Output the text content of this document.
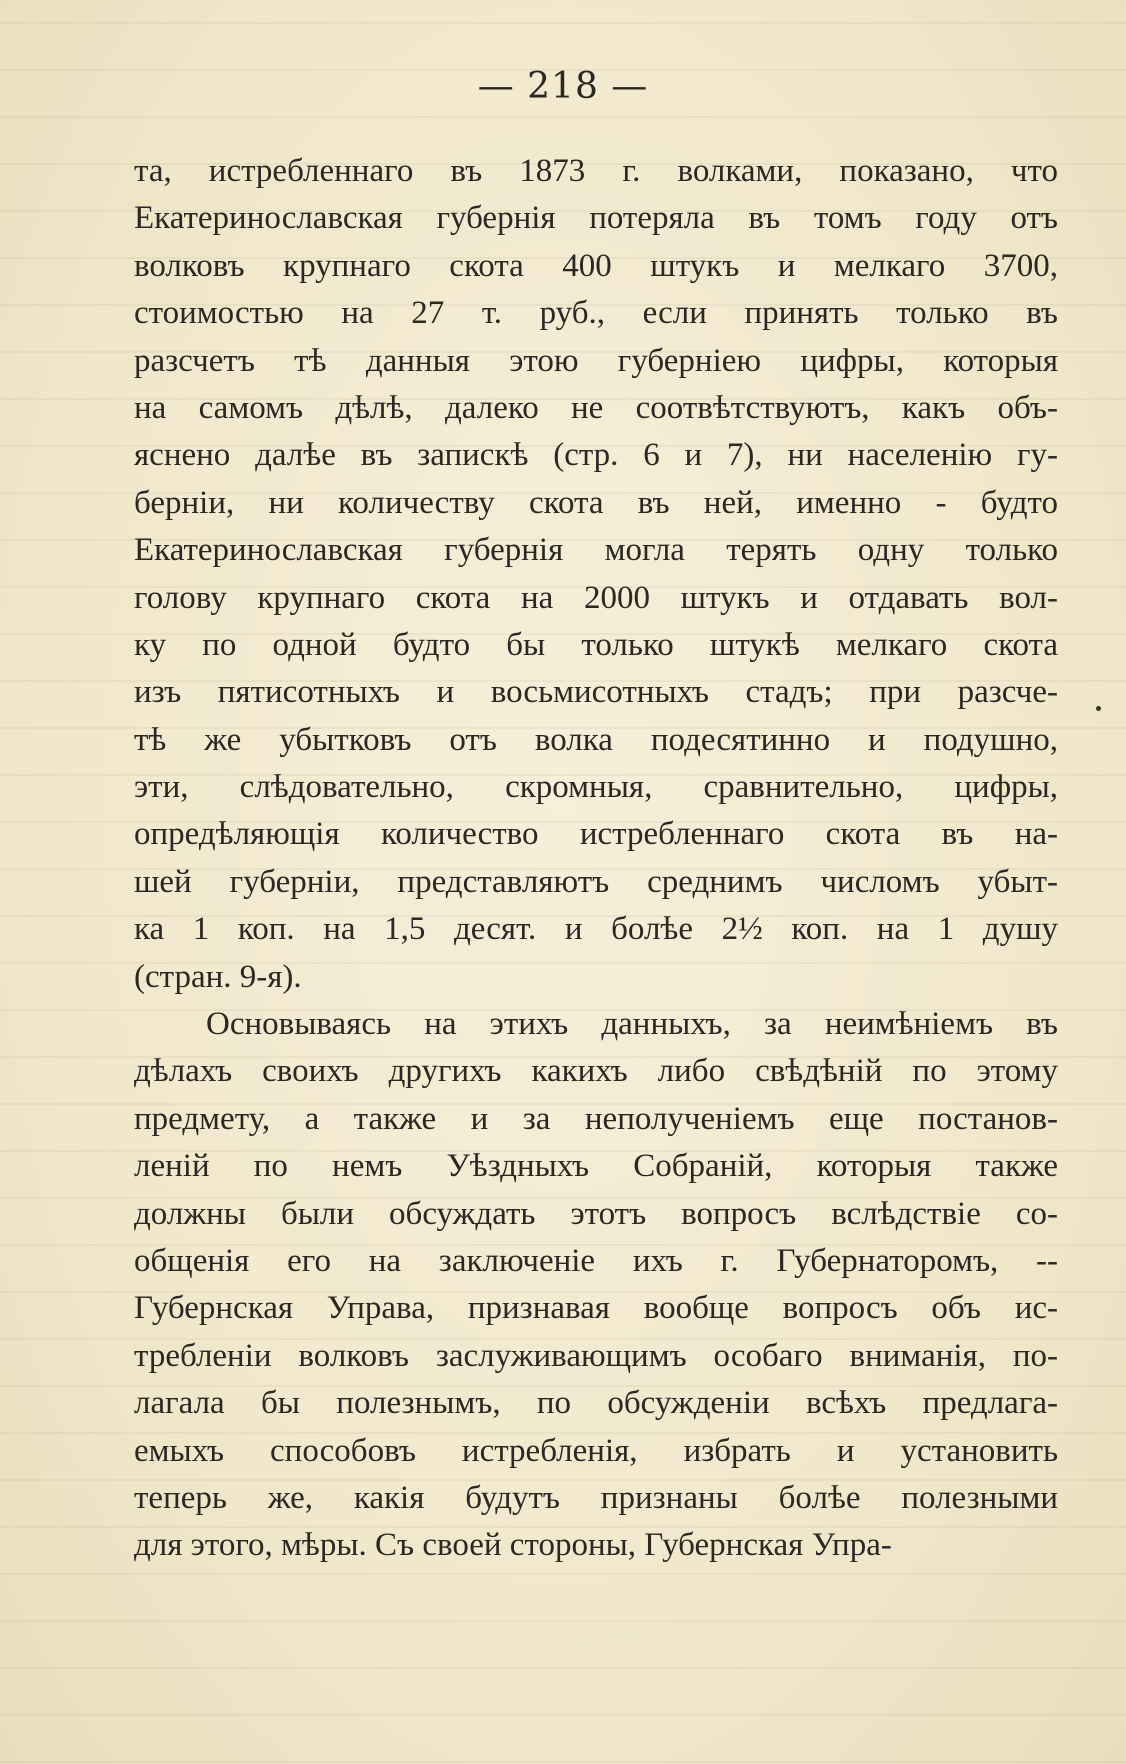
— 218 —
та, истребленнаго въ 1873 г. волками, показано, что
Екатеринославская губернія потеряла въ томъ году отъ
волковъ крупнаго скота 400 штукъ и мелкаго 3700,
стоимостью на 27 т. руб., если принять только въ
разсчетъ тѣ данныя этою губерніею цифры, которыя
на самомъ дѣлѣ, далеко не соотвѣтствуютъ, какъ объ-
яснено далѣе въ запискѣ (стр. 6 и 7), ни населенію гу-
берніи, ни количеству скота въ ней, именно - будто
Екатеринославская губернія могла терять одну только
голову крупнаго скота на 2000 штукъ и отдавать вол-
ку по одной будто бы только штукѣ мелкаго скота
изъ пятисотныхъ и восьмисотныхъ стадъ; при разсче-
тѣ же убытковъ отъ волка подесятинно и подушно,
эти, слѣдовательно, скромныя, сравнительно, цифры,
опредѣляющія количество истребленнаго скота въ на-
шей губерніи, представляютъ среднимъ числомъ убыт-
ка 1 коп. на 1,5 десят. и болѣе 2½ коп. на 1 душу
(стран. 9-я).
Основываясь на этихъ данныхъ, за неимѣніемъ въ
дѣлахъ своихъ другихъ какихъ либо свѣдѣній по этому
предмету, а также и за неполученіемъ еще постанов-
леній по немъ Уѣздныхъ Собраній, которыя также
должны были обсуждать этотъ вопросъ вслѣдствіе со-
общенія его на заключеніе ихъ г. Губернаторомъ, --
Губернская Управа, признавая вообще вопросъ объ ис-
требленіи волковъ заслуживающимъ особаго вниманія, по-
лагала бы полезнымъ, по обсужденіи всѣхъ предлага-
емыхъ способовъ истребленія, избрать и установить
теперь же, какія будутъ признаны болѣе полезными
для этого, мѣры. Съ своей стороны, Губернская Упра-
